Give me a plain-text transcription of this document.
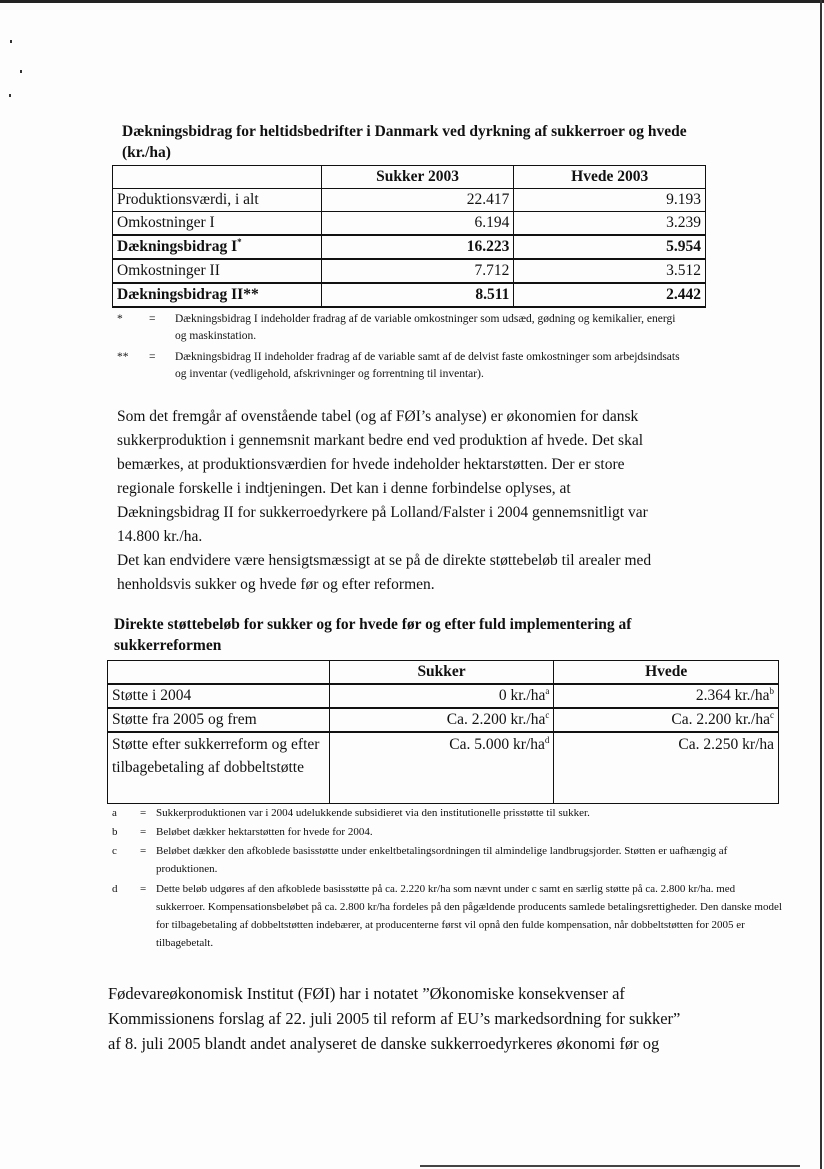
Dækningsbidrag for heltidsbedrifter i Danmark ved dyrkning af sukkerroer og hvede (kr./ha)
	Sukker 2003	Hvede 2003
Produktionsværdi, i alt	22.417	9.193
Omkostninger I	6.194	3.239
Dækningsbidrag I*	16.223	5.954
Omkostninger II	7.712	3.512
Dækningsbidrag II**	8.511	2.442
* = Dækningsbidrag I indeholder fradrag af de variable omkostninger som udsæd, gødning og kemikalier, energi og maskinstation.
** = Dækningsbidrag II indeholder fradrag af de variable samt af de delvist faste omkostninger som arbejdsindsats og inventar (vedligehold, afskrivninger og forrentning til inventar).
Som det fremgår af ovenstående tabel (og af FØI’s analyse) er økonomien for dansk
sukkerproduktion i gennemsnit markant bedre end ved produktion af hvede. Det skal
bemærkes, at produktionsværdien for hvede indeholder hektarstøtten. Der er store
regionale forskelle i indtjeningen. Det kan i denne forbindelse oplyses, at
Dækningsbidrag II for sukkerroedyrkere på Lolland/Falster i 2004 gennemsnitligt var
14.800 kr./ha.
Det kan endvidere være hensigtsmæssigt at se på de direkte støttebeløb til arealer med
henholdsvis sukker og hvede før og efter reformen.
Direkte støttebeløb for sukker og for hvede før og efter fuld implementering af sukkerreformen
	Sukker	Hvede
Støtte i 2004	0 $kr./ha^a$	2.364 $kr./ha^b$
Støtte fra 2005 og frem	Ca. 2.200 $kr./ha^c$	Ca. 2.200 $kr./ha^c$
Støtte efter sukkerreform og efter tilbagebetaling af dobbeltstøtte	Ca. 5.000 $kr/ha^d$	Ca. 2.250 kr/ha
a = Sukkerproduktionen var i 2004 udelukkende subsidieret via den institutionelle prisstøtte til sukker.
b = Beløbet dækker hektarstøtten for hvede for 2004.
c = Beløbet dækker den afkoblede basisstøtte under enkeltbetalingsordningen til almindelige landbrugsjorder. Støtten er uafhængig af produktionen.
d = Dette beløb udgøres af den afkoblede basisstøtte på ca. 2.220 kr/ha som nævnt under c samt en særlig støtte på ca. 2.800 kr/ha. med sukkerroer. Kompensationsbeløbet på ca. 2.800 kr/ha fordeles på den pågældende producents samlede betalingsrettigheder. Den danske model for tilbagebetaling af dobbeltstøtten indebærer, at producenterne først vil opnå den fulde kompensation, når dobbeltstøtten for 2005 er tilbagebetalt.
Fødevareøkonomisk Institut (FØI) har i notatet ”Økonomiske konsekvenser af
Kommissionens forslag af 22. juli 2005 til reform af EU’s markedsordning for sukker”
af 8. juli 2005 blandt andet analyseret de danske sukkerroedyrkeres økonomi før og
